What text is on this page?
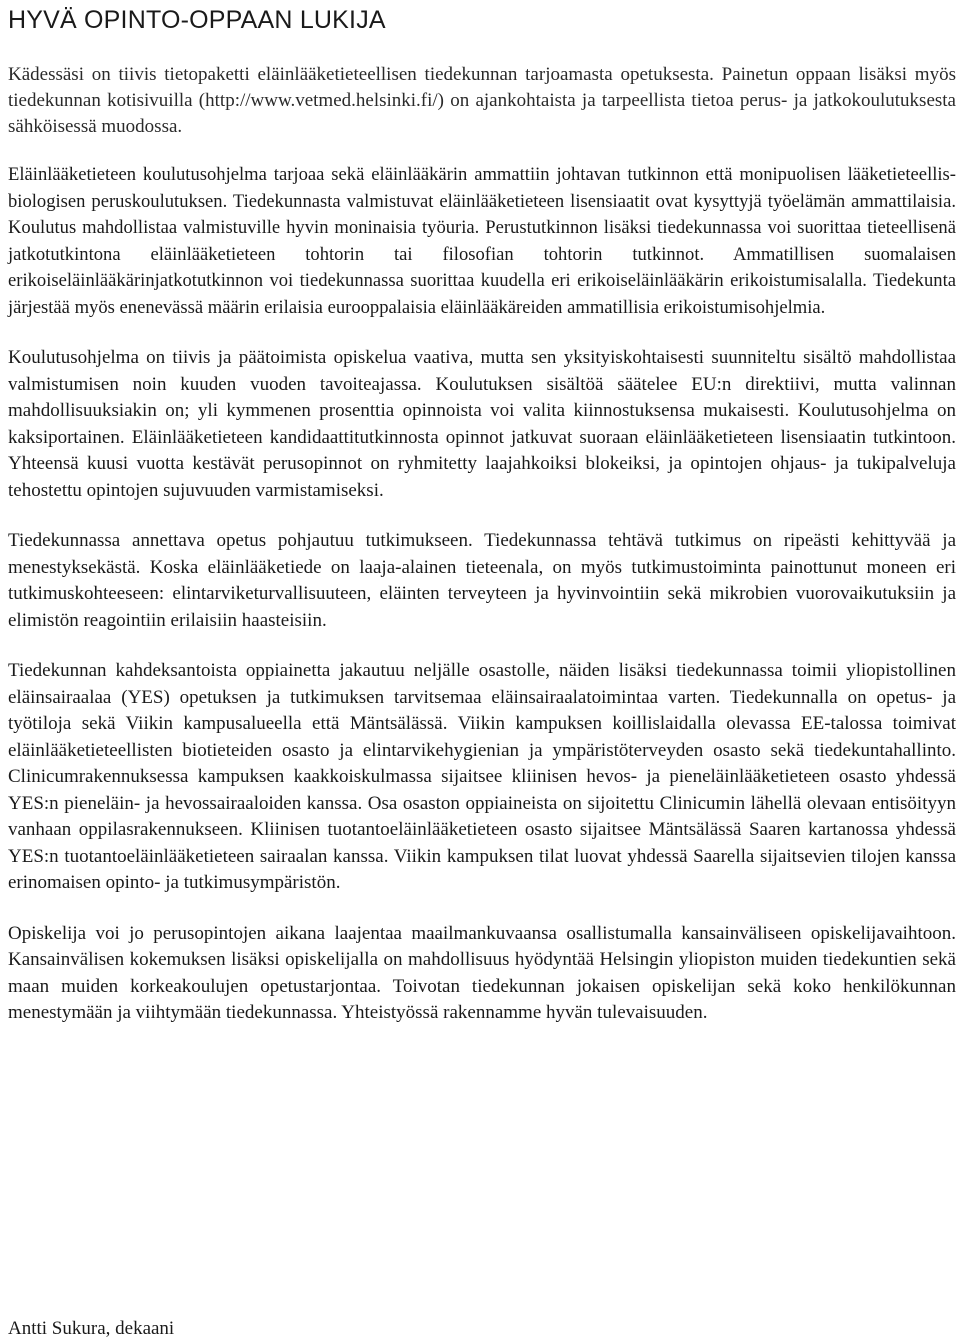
HYVÄ OPINTO-OPPAAN LUKIJA

Kädessäsi on tiivis tietopaketti eläinlääketieteellisen tiedekunnan tarjoamasta opetuksesta. Painetun oppaan lisäksi myös tiedekunnan kotisivuilla (http://www.vetmed.helsinki.fi/) on ajankohtaista ja tarpeellista tietoa perus- ja jatkokoulutuksesta sähköisessä muodossa.

Eläinlääketieteen koulutusohjelma tarjoaa sekä eläinlääkärin ammattiin johtavan tutkinnon että monipuolisen lääketieteellis-biologisen peruskoulutuksen. Tiedekunnasta valmistuvat eläinlääketieteen lisensiaatit ovat kysyttyjä työelämän ammattilaisia. Koulutus mahdollistaa valmistuville hyvin moninaisia työuria. Perustutkinnon lisäksi tiedekunnassa voi suorittaa tieteellisenä jatkotutkintona eläinlääketieteen tohtorin tai filosofian tohtorin tutkinnot. Ammatillisen suomalaisen erikoiseläinlääkärinjatkotutkinnon voi tiedekunnassa suorittaa kuudella eri erikoiseläinlääkärin erikoistumisalalla. Tiedekunta järjestää myös enenevässä määrin erilaisia eurooppalaisia eläinlääkäreiden ammatillisia erikoistumisohjelmia.

Koulutusohjelma on tiivis ja päätoimista opiskelua vaativa, mutta sen yksityiskohtaisesti suunniteltu sisältö mahdollistaa valmistumisen noin kuuden vuoden tavoiteajassa. Koulutuksen sisältöä säätelee EU:n direktiivi, mutta valinnan mahdollisuuksiakin on; yli kymmenen prosenttia opinnoista voi valita kiinnostuksensa mukaisesti. Koulutusohjelma on kaksiportainen. Eläinlääketieteen kandidaattitutkinnosta opinnot jatkuvat suoraan eläinlääketieteen lisensiaatin tutkintoon. Yhteensä kuusi vuotta kestävät perusopinnot on ryhmitetty laajahkoiksi blokeiksi, ja opintojen ohjaus- ja tukipalveluja tehostettu opintojen sujuvuuden varmistamiseksi.

Tiedekunnassa annettava opetus pohjautuu tutkimukseen. Tiedekunnassa tehtävä tutkimus on ripeästi kehittyvää ja menestyksekästä. Koska eläinlääketiede on laaja-alainen tieteenala, on myös tutkimustoiminta painottunut moneen eri tutkimuskohteeseen: elintarviketurvallisuuteen, eläinten terveyteen ja hyvinvointiin sekä mikrobien vuorovaikutuksiin ja elimistön reagointiin erilaisiin haasteisiin.

Tiedekunnan kahdeksantoista oppiainetta jakautuu neljälle osastolle, näiden lisäksi tiedekunnassa toimii yliopistollinen eläinsairaalaa (YES) opetuksen ja tutkimuksen tarvitsemaa eläinsairaalatoimintaa varten. Tiedekunnalla on opetus- ja työtiloja sekä Viikin kampusalueella että Mäntsälässä. Viikin kampuksen koillislaidalla olevassa EE-talossa toimivat eläinlääketieteellisten biotieteiden osasto ja elintarvikehygienian ja ympäristöterveyden osasto sekä tiedekuntahallinto. Clinicumrakennuksessa kampuksen kaakkoiskulmassa sijaitsee kliinisen hevos- ja pieneläinlääketieteen osasto yhdessä YES:n pieneläin- ja hevossairaaloiden kanssa. Osa osaston oppiaineista on sijoitettu Clinicumin lähellä olevaan entisöityyn vanhaan oppilasrakennukseen. Kliinisen tuotantoeläinlääketieteen osasto sijaitsee Mäntsälässä Saaren kartanossa yhdessä YES:n tuotantoeläinlääketieteen sairaalan kanssa. Viikin kampuksen tilat luovat yhdessä Saarella sijaitsevien tilojen kanssa erinomaisen opinto- ja tutkimusympäristön.

Opiskelija voi jo perusopintojen aikana laajentaa maailmankuvaansa osallistumalla kansainväliseen opiskelijavaihtoon. Kansainvälisen kokemuksen lisäksi opiskelijalla on mahdollisuus hyödyntää Helsingin yliopiston muiden tiedekuntien sekä maan muiden korkeakoulujen opetustarjontaa. Toivotan tiedekunnan jokaisen opiskelijan sekä koko henkilökunnan menestymään ja viihtymään tiedekunnassa. Yhteistyössä rakennamme hyvän tulevaisuuden.

Antti Sukura, dekaani
